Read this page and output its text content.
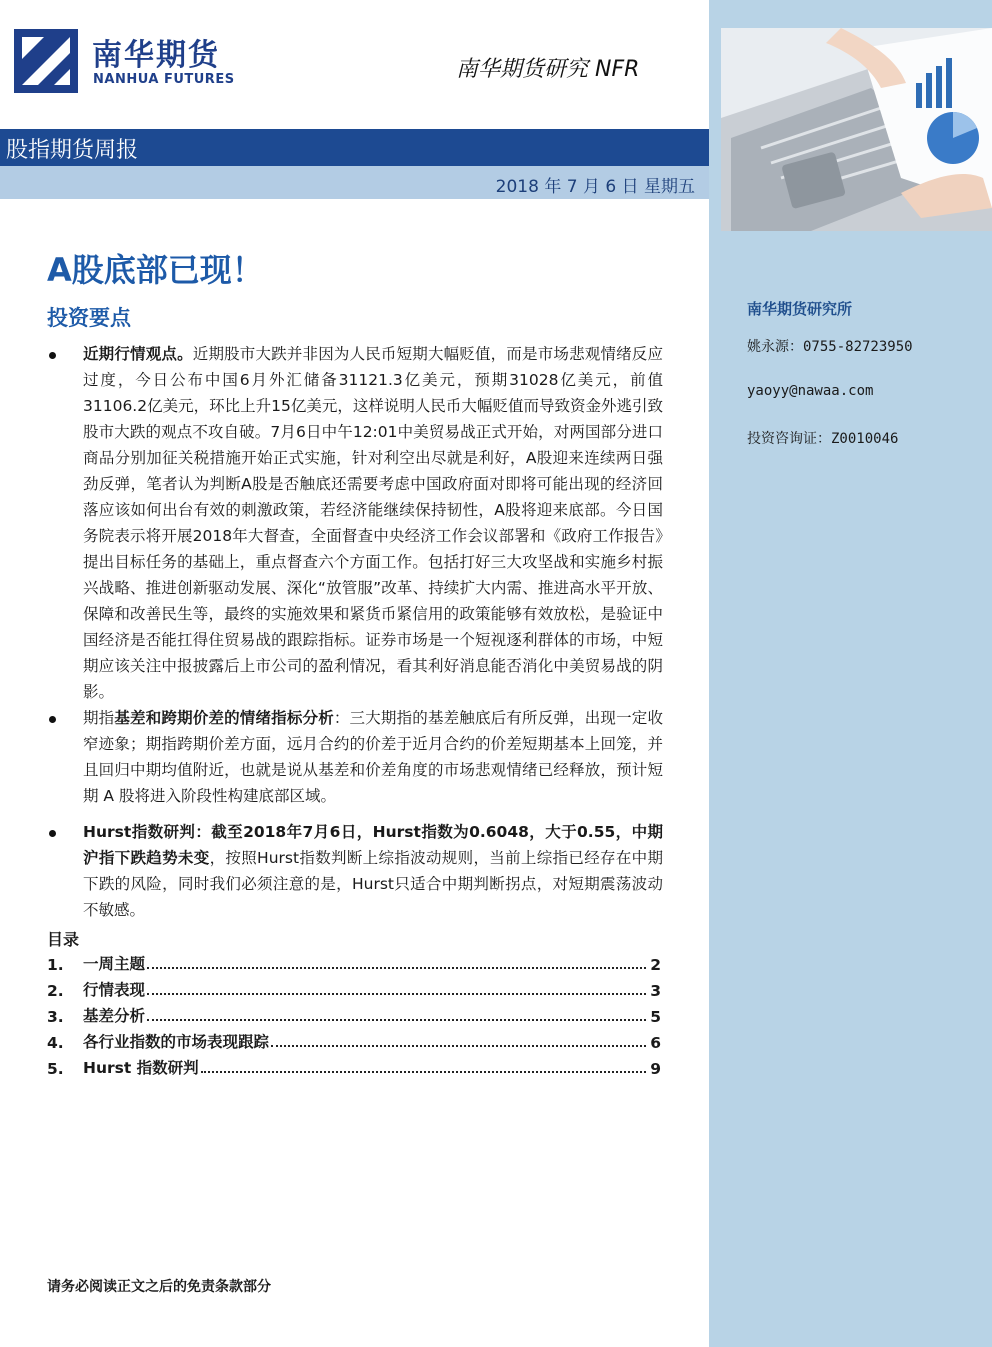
南华期货研究所
姚永源：0755-82723950
yaoyy@nawaa.com
投资咨询证：Z0010046
南华期货
NANHUA FUTURES	南华期货研究 NFR
股指期货周报
2018 年 7 月 6 日 星期五
A股底部已现！
投资要点
近期行情观点。近期股市大跌并非因为人民币短期大幅贬值，而是市场悲观情绪反应过度，今日公布中国6月外汇储备31121.3亿美元，预期31028亿美元，前值31106.2亿美元，环比上升15亿美元，这样说明人民币大幅贬值而导致资金外逃引致股市大跌的观点不攻自破。7月6日中午12:01中美贸易战正式开始，对两国部分进口商品分别加征关税措施开始正式实施，针对利空出尽就是利好，A股迎来连续两日强劲反弹，笔者认为判断A股是否触底还需要考虑中国政府面对即将可能出现的经济回落应该如何出台有效的刺激政策，若经济能继续保持韧性，A股将迎来底部。今日国务院表示将开展2018年大督查，全面督查中央经济工作会议部署和《政府工作报告》提出目标任务的基础上，重点督查六个方面工作。包括打好三大攻坚战和实施乡村振兴战略、推进创新驱动发展、深化“放管服”改革、持续扩大内需、推进高水平开放、保障和改善民生等，最终的实施效果和紧货币紧信用的政策能够有效放松，是验证中国经济是否能扛得住贸易战的跟踪指标。证券市场是一个短视逐利群体的市场，中短期应该关注中报披露后上市公司的盈利情况，看其利好消息能否消化中美贸易战的阴影。
期指基差和跨期价差的情绪指标分析：三大期指的基差触底后有所反弹，出现一定收窄迹象；期指跨期价差方面，远月合约的价差于近月合约的价差短期基本上回笼，并且回归中期均值附近，也就是说从基差和价差角度的市场悲观情绪已经释放，预计短期 A 股将进入阶段性构建底部区域。
Hurst指数研判：截至2018年7月6日，Hurst指数为0.6048，大于0.55，中期沪指下跌趋势未变，按照Hurst指数判断上综指波动规则，当前上综指已经存在中期下跌的风险，同时我们必须注意的是，Hurst只适合中期判断拐点，对短期震荡波动不敏感。
目录
1.	一周主题	2
2.	行情表现	3
3.	基差分析	5
4.	各行业指数的市场表现跟踪	6
5.	Hurst 指数研判	9
请务必阅读正文之后的免责条款部分
